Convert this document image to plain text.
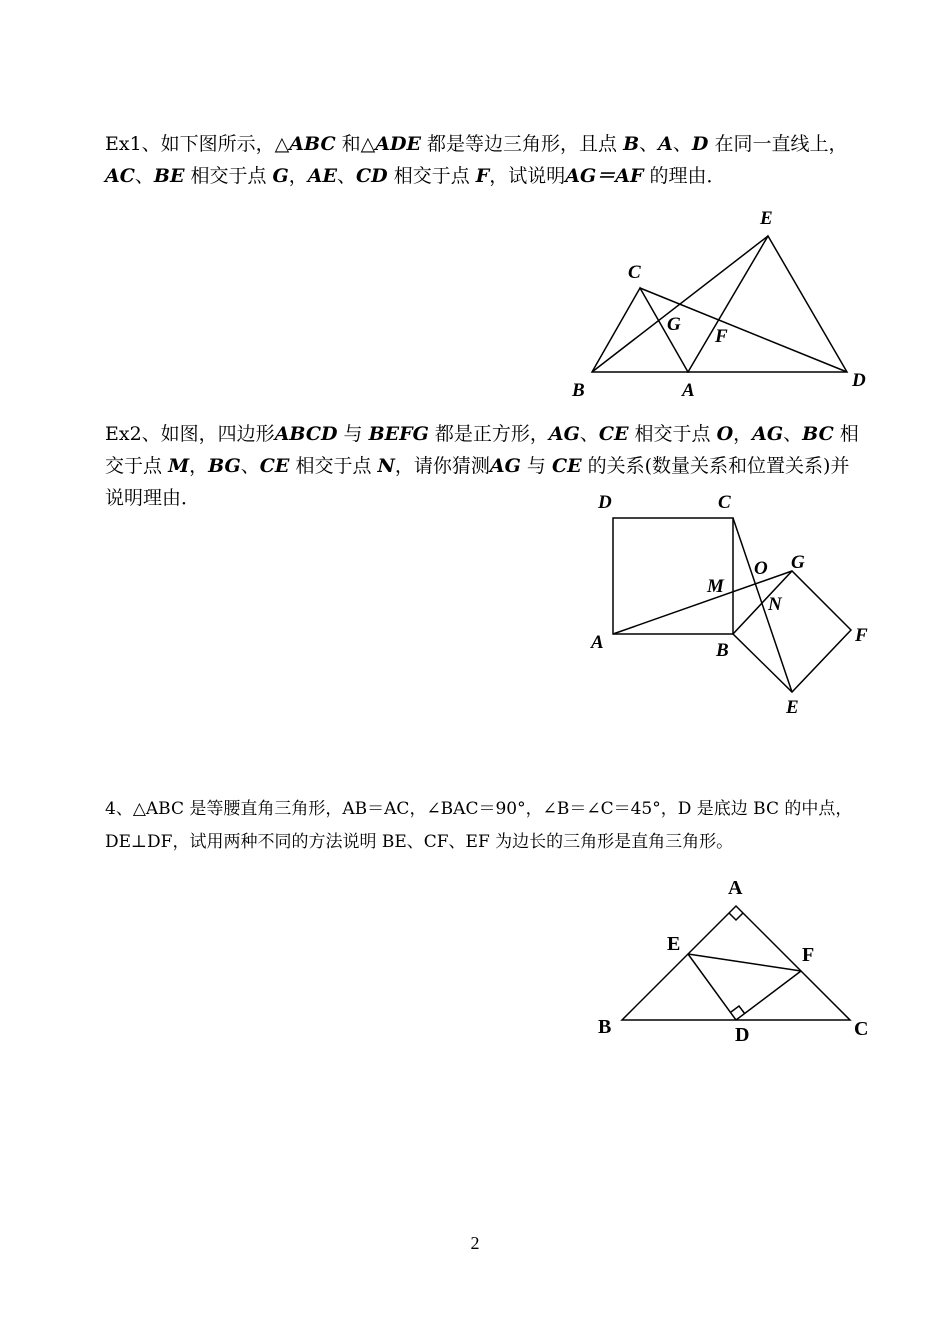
Ex1、如下图所示，△ABC 和△ADE 都是等边三角形，且点 B、A、D 在同一直线上，AC、BE 相交于点 G，AE、CD 相交于点 F，试说明AG＝AF 的理由．

E
C
G
F
B	A	D

Ex2、如图，四边形ABCD 与 BEFG 都是正方形，AG、CE 相交于点 O，AG、BC 相交于点 M，BG、CE 相交于点 N，请你猜测AG 与 CE 的关系(数量关系和位置关系)并说明理由．	D	C
O G
M
N
F
A	B
E

4、△ABC 是等腰直角三角形，AB＝AC，∠BAC＝90°，∠B＝∠C＝45°，D 是底边 BC 的中点，DE⊥DF，试用两种不同的方法说明 BE、CF、EF 为边长的三角形是直角三角形。

A
E	F
B	D	C
2
